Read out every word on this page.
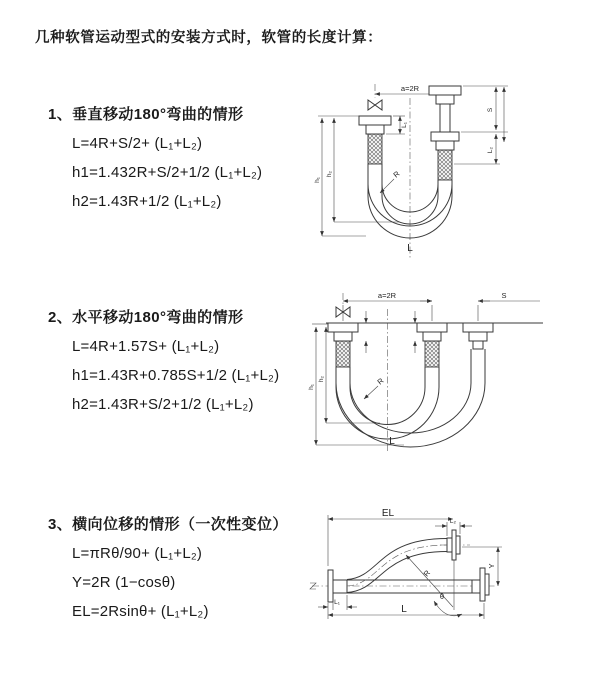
几种软管运动型式的安装方式时，软管的长度计算：

1、垂直移动180°弯曲的情形

L=4R+S/2+ (L₁+L₂)

h1=1.432R+S/2+1/2 (L₁+L₂)

h2=1.43R+1/2 (L₁+L₂)

2、水平移动180°弯曲的情形

L=4R+1.57S+ (L₁+L₂)

h1=1.43R+0.785S+1/2 (L₁+L₂)

h2=1.43R+S/2+1/2 (L₁+L₂)

3、横向位移的情形（一次性变位）

L=πRθ/90+ (L₁+L₂)

Y=2R (1−cosθ)

EL=2Rsinθ+ (L₁+L₂)

a=2R
h₁
h₂
L₁
S
L₂
R
L
a=2R	S
h₁
h₂	R
L
EL
L₂
Y
R
θ
L
L₁
